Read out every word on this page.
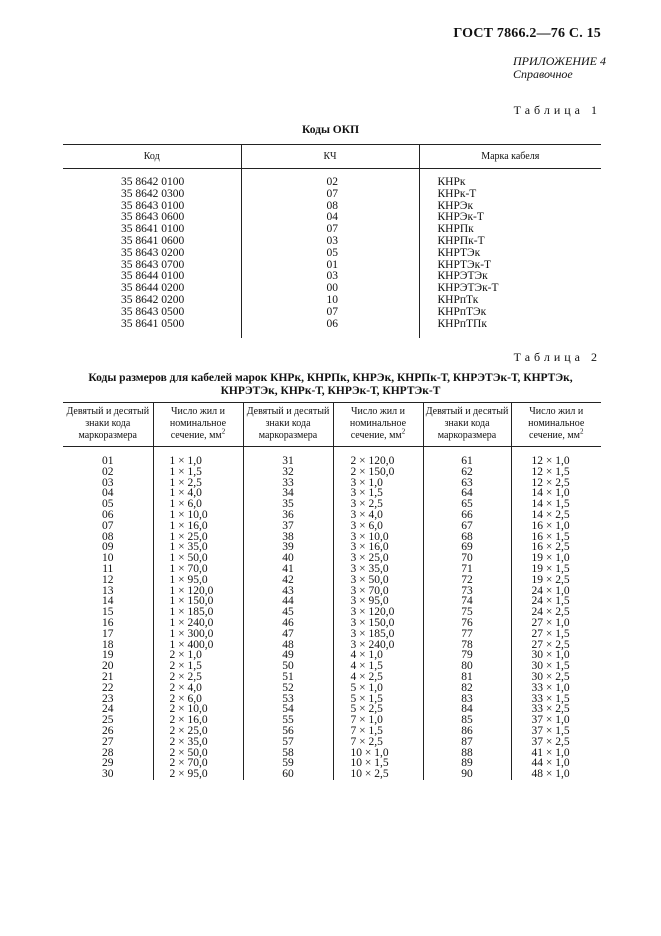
ГОСТ 7866.2—76 С. 15
ПРИЛОЖЕНИЕ 4
Справочное
Таблица 1
Коды ОКП
Код	КЧ	Марка кабеля
35 8642 0100	02	КНРк
35 8642 0300	07	КНРк-Т
35 8643 0100	08	КНРЭк
35 8643 0600	04	КНРЭк-Т
35 8641 0100	07	КНРПк
35 8641 0600	03	КНРПк-Т
35 8643 0200	05	КНРТЭк
35 8643 0700	01	КНРТЭк-Т
35 8644 0100	03	КНРЭТЭк
35 8644 0200	00	КНРЭТЭк-Т
35 8642 0200	10	КНРпТк
35 8643 0500	07	КНРпТЭк
35 8641 0500	06	КНРпТПк
Таблица 2
Коды размеров для кабелей марок КНРк, КНРПк, КНРЭк, КНРПк-Т, КНРЭТЭк-Т, КНРТЭк, КНРЭТЭк, КНРк-Т, КНРЭк-Т, КНРТЭк-Т
Девятый и десятый знаки кода маркоразмера	Число жил и номинальное сечение, $мм^2$	Девятый и десятый знаки кода маркоразмера	Число жил и номинальное сечение, $мм^2$	Девятый и десятый знаки кода маркоразмера	Число жил и номинальное сечение, $мм^2$
01	1 × 1,0	31	2 × 120,0	61	12 × 1,0
02	1 × 1,5	32	2 × 150,0	62	12 × 1,5
03	1 × 2,5	33	3 × 1,0	63	12 × 2,5
04	1 × 4,0	34	3 × 1,5	64	14 × 1,0
05	1 × 6,0	35	3 × 2,5	65	14 × 1,5
06	1 × 10,0	36	3 × 4,0	66	14 × 2,5
07	1 × 16,0	37	3 × 6,0	67	16 × 1,0
08	1 × 25,0	38	3 × 10,0	68	16 × 1,5
09	1 × 35,0	39	3 × 16,0	69	16 × 2,5
10	1 × 50,0	40	3 × 25,0	70	19 × 1,0
11	1 × 70,0	41	3 × 35,0	71	19 × 1,5
12	1 × 95,0	42	3 × 50,0	72	19 × 2,5
13	1 × 120,0	43	3 × 70,0	73	24 × 1,0
14	1 × 150,0	44	3 × 95,0	74	24 × 1,5
15	1 × 185,0	45	3 × 120,0	75	24 × 2,5
16	1 × 240,0	46	3 × 150,0	76	27 × 1,0
17	1 × 300,0	47	3 × 185,0	77	27 × 1,5
18	1 × 400,0	48	3 × 240,0	78	27 × 2,5
19	2 × 1,0	49	4 × 1,0	79	30 × 1,0
20	2 × 1,5	50	4 × 1,5	80	30 × 1,5
21	2 × 2,5	51	4 × 2,5	81	30 × 2,5
22	2 × 4,0	52	5 × 1,0	82	33 × 1,0
23	2 × 6,0	53	5 × 1,5	83	33 × 1,5
24	2 × 10,0	54	5 × 2,5	84	33 × 2,5
25	2 × 16,0	55	7 × 1,0	85	37 × 1,0
26	2 × 25,0	56	7 × 1,5	86	37 × 1,5
27	2 × 35,0	57	7 × 2,5	87	37 × 2,5
28	2 × 50,0	58	10 × 1,0	88	41 × 1,0
29	2 × 70,0	59	10 × 1,5	89	44 × 1,0
30	2 × 95,0	60	10 × 2,5	90	48 × 1,0
